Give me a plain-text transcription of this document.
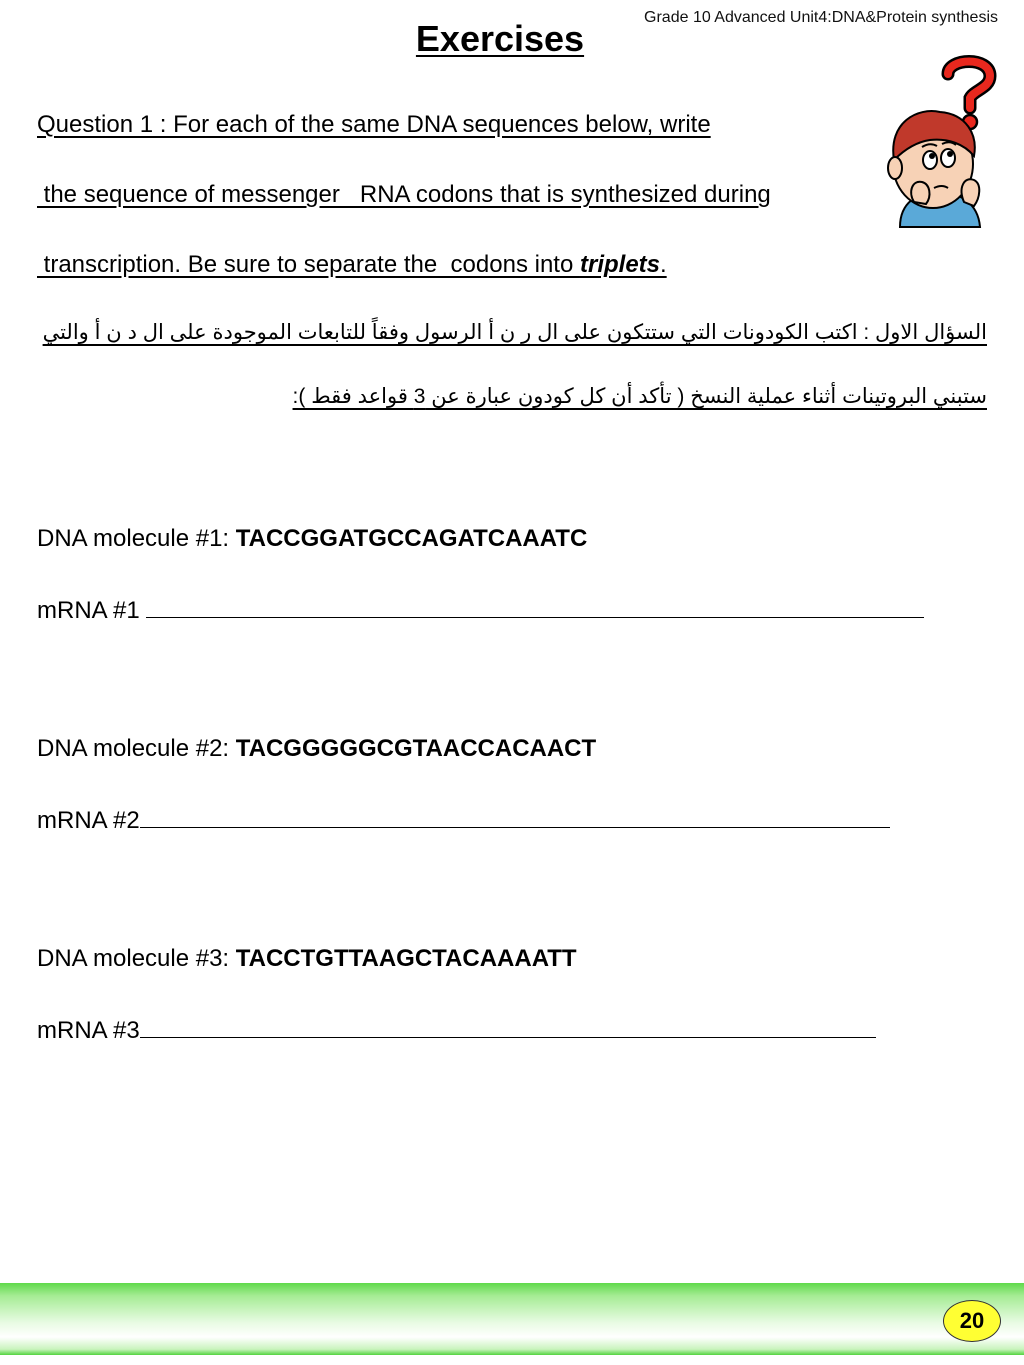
Grade 10 Advanced Unit4:DNA&Protein synthesis
Exercises
Question 1 : For each of the same DNA sequences below, write
the sequence of messenger   RNA codons that is synthesized during
transcription. Be sure to separate the  codons into triplets.
السؤال الاول : اكتب الكودونات التي ستتكون على ال ر ن أ الرسول وفقاً للتابعات الموجودة على ال د ن أ والتي
ستبني البروتينات أثناء عملية النسخ ( تأكد أن كل كودون عبارة عن 3 قواعد فقط ):
DNA molecule #1: TACCGGATGCCAGATCAAATC
mRNA #1
DNA molecule #2: TACGGGGGCGTAACCACAACT
mRNA #2
DNA molecule #3: TACCTGTTAAGCTACAAAATT
mRNA #3
20
